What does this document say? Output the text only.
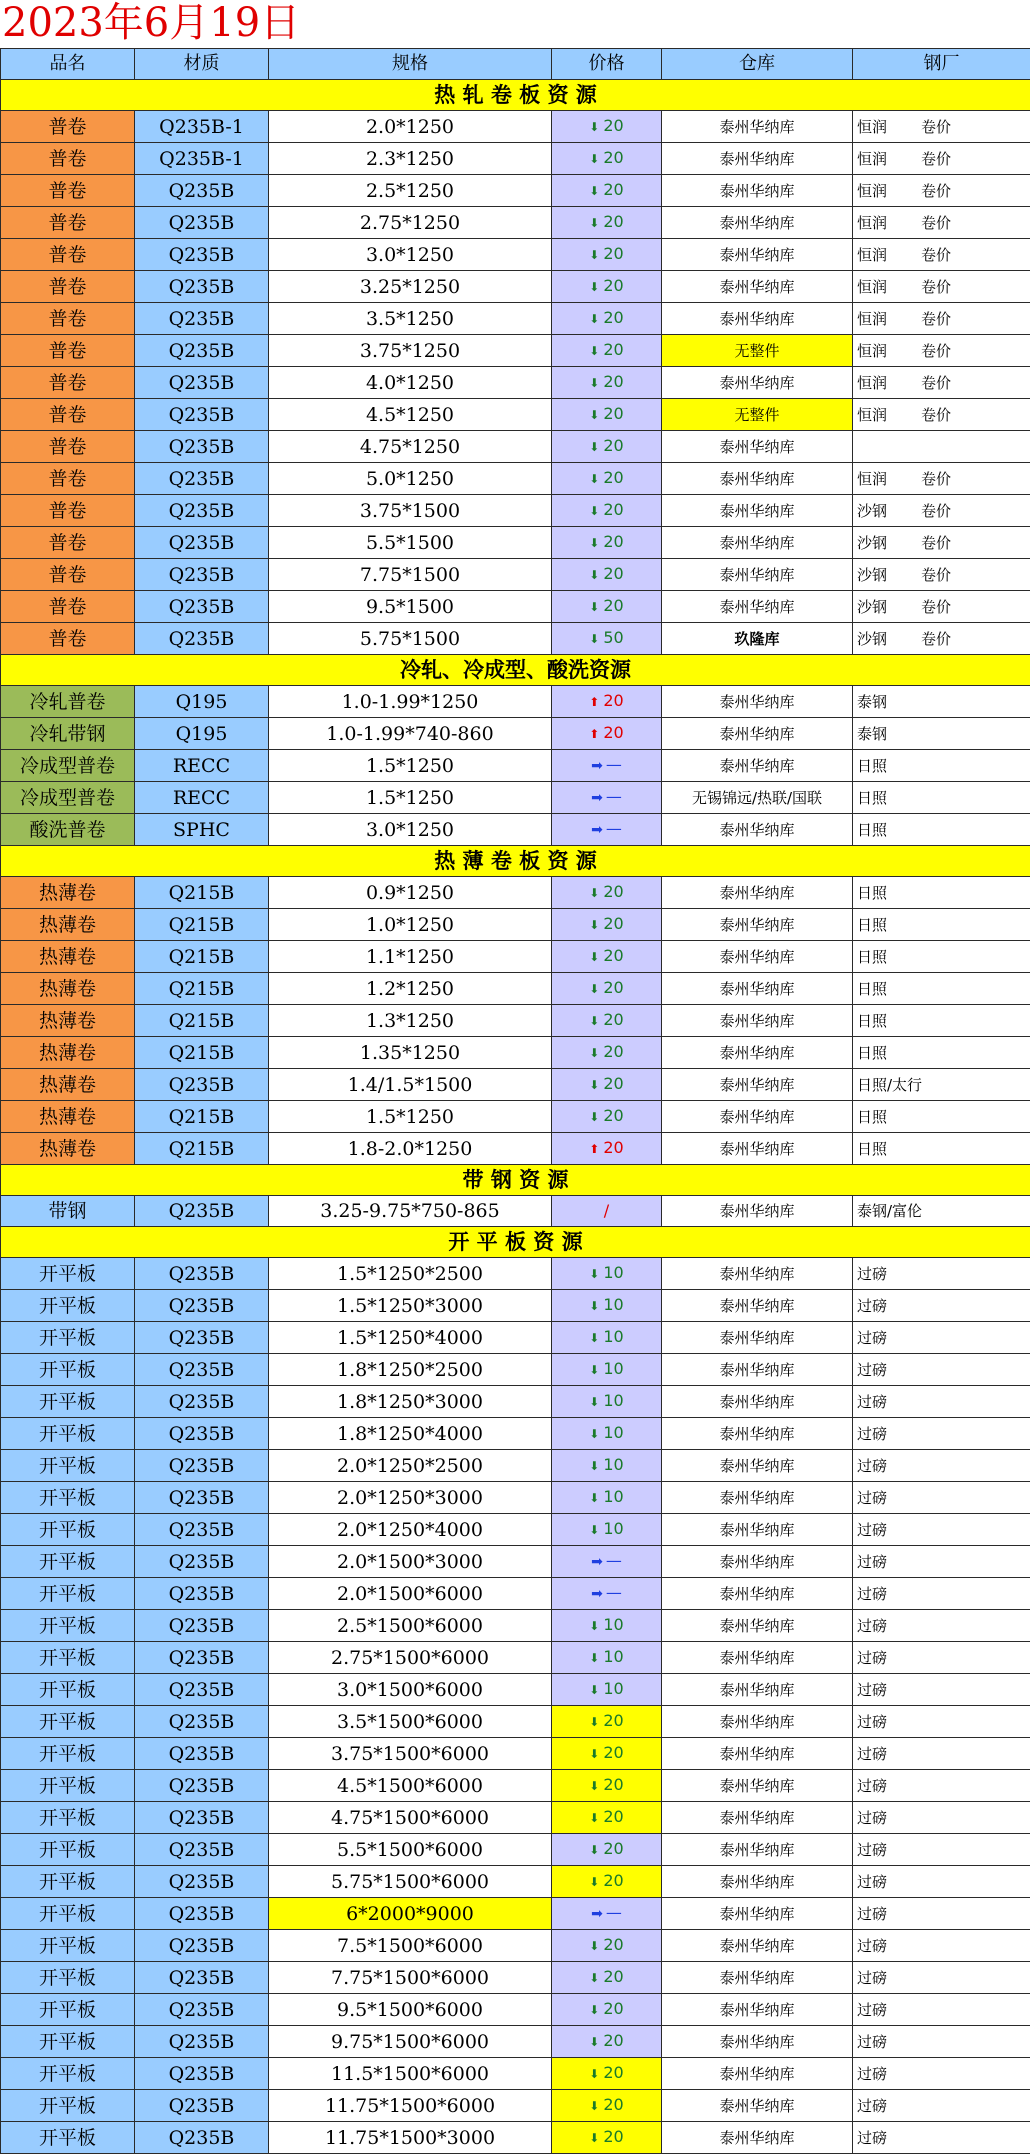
2023年6月19日
品名	材质	规格	价格	仓库	钢厂
热 轧 卷 板 资 源					
普卷	Q235B-1	2.0*1250	⬇ 20	泰州华纳库	恒润 卷价
普卷	Q235B-1	2.3*1250	⬇ 20	泰州华纳库	恒润 卷价
普卷	Q235B	2.5*1250	⬇ 20	泰州华纳库	恒润 卷价
普卷	Q235B	2.75*1250	⬇ 20	泰州华纳库	恒润 卷价
普卷	Q235B	3.0*1250	⬇ 20	泰州华纳库	恒润 卷价
普卷	Q235B	3.25*1250	⬇ 20	泰州华纳库	恒润 卷价
普卷	Q235B	3.5*1250	⬇ 20	泰州华纳库	恒润 卷价
普卷	Q235B	3.75*1250	⬇ 20	无整件	恒润 卷价
普卷	Q235B	4.0*1250	⬇ 20	泰州华纳库	恒润 卷价
普卷	Q235B	4.5*1250	⬇ 20	无整件	恒润 卷价
普卷	Q235B	4.75*1250	⬇ 20	泰州华纳库	
普卷	Q235B	5.0*1250	⬇ 20	泰州华纳库	恒润 卷价
普卷	Q235B	3.75*1500	⬇ 20	泰州华纳库	沙钢 卷价
普卷	Q235B	5.5*1500	⬇ 20	泰州华纳库	沙钢 卷价
普卷	Q235B	7.75*1500	⬇ 20	泰州华纳库	沙钢 卷价
普卷	Q235B	9.5*1500	⬇ 20	泰州华纳库	沙钢 卷价
普卷	Q235B	5.75*1500	⬇ 50	玖隆库	沙钢 卷价
冷轧、冷成型、酸洗资源					
冷轧普卷	Q195	1.0-1.99*1250	⬆ 20	泰州华纳库	泰钢
冷轧带钢	Q195	1.0-1.99*740-860	⬆ 20	泰州华纳库	泰钢
冷成型普卷	RECC	1.5*1250	➡ —	泰州华纳库	日照
冷成型普卷	RECC	1.5*1250	➡ —	无锡锦远/热联/国联	日照
酸洗普卷	SPHC	3.0*1250	➡ —	泰州华纳库	日照
热 薄 卷 板 资 源					
热薄卷	Q215B	0.9*1250	⬇ 20	泰州华纳库	日照
热薄卷	Q215B	1.0*1250	⬇ 20	泰州华纳库	日照
热薄卷	Q215B	1.1*1250	⬇ 20	泰州华纳库	日照
热薄卷	Q215B	1.2*1250	⬇ 20	泰州华纳库	日照
热薄卷	Q215B	1.3*1250	⬇ 20	泰州华纳库	日照
热薄卷	Q215B	1.35*1250	⬇ 20	泰州华纳库	日照
热薄卷	Q235B	1.4/1.5*1500	⬇ 20	泰州华纳库	日照/太行
热薄卷	Q215B	1.5*1250	⬇ 20	泰州华纳库	日照
热薄卷	Q215B	1.8-2.0*1250	⬆ 20	泰州华纳库	日照
带 钢 资 源					
带钢	Q235B	3.25-9.75*750-865	/	泰州华纳库	泰钢/富伦
开 平 板 资 源					
开平板	Q235B	1.5*1250*2500	⬇ 10	泰州华纳库	过磅
开平板	Q235B	1.5*1250*3000	⬇ 10	泰州华纳库	过磅
开平板	Q235B	1.5*1250*4000	⬇ 10	泰州华纳库	过磅
开平板	Q235B	1.8*1250*2500	⬇ 10	泰州华纳库	过磅
开平板	Q235B	1.8*1250*3000	⬇ 10	泰州华纳库	过磅
开平板	Q235B	1.8*1250*4000	⬇ 10	泰州华纳库	过磅
开平板	Q235B	2.0*1250*2500	⬇ 10	泰州华纳库	过磅
开平板	Q235B	2.0*1250*3000	⬇ 10	泰州华纳库	过磅
开平板	Q235B	2.0*1250*4000	⬇ 10	泰州华纳库	过磅
开平板	Q235B	2.0*1500*3000	➡ —	泰州华纳库	过磅
开平板	Q235B	2.0*1500*6000	➡ —	泰州华纳库	过磅
开平板	Q235B	2.5*1500*6000	⬇ 10	泰州华纳库	过磅
开平板	Q235B	2.75*1500*6000	⬇ 10	泰州华纳库	过磅
开平板	Q235B	3.0*1500*6000	⬇ 10	泰州华纳库	过磅
开平板	Q235B	3.5*1500*6000	⬇ 20	泰州华纳库	过磅
开平板	Q235B	3.75*1500*6000	⬇ 20	泰州华纳库	过磅
开平板	Q235B	4.5*1500*6000	⬇ 20	泰州华纳库	过磅
开平板	Q235B	4.75*1500*6000	⬇ 20	泰州华纳库	过磅
开平板	Q235B	5.5*1500*6000	⬇ 20	泰州华纳库	过磅
开平板	Q235B	5.75*1500*6000	⬇ 20	泰州华纳库	过磅
开平板	Q235B	6*2000*9000	➡ —	泰州华纳库	过磅
开平板	Q235B	7.5*1500*6000	⬇ 20	泰州华纳库	过磅
开平板	Q235B	7.75*1500*6000	⬇ 20	泰州华纳库	过磅
开平板	Q235B	9.5*1500*6000	⬇ 20	泰州华纳库	过磅
开平板	Q235B	9.75*1500*6000	⬇ 20	泰州华纳库	过磅
开平板	Q235B	11.5*1500*6000	⬇ 20	泰州华纳库	过磅
开平板	Q235B	11.75*1500*6000	⬇ 20	泰州华纳库	过磅
开平板	Q235B	11.75*1500*3000	⬇ 20	泰州华纳库	过磅
